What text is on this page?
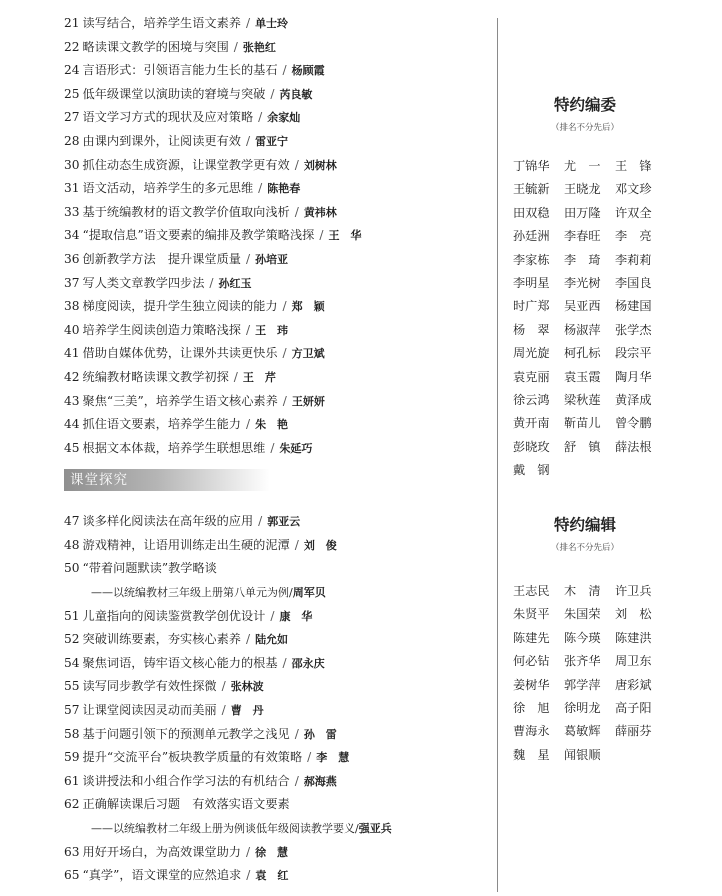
21 读写结合，培养学生语文素养 / 单士玲
22 略读课文教学的困境与突围 / 张艳红
24 言语形式：引领语言能力生长的基石 / 杨顾霞
25 低年级课堂以演助读的窘境与突破 / 芮良敏
27 语文学习方式的现状及应对策略 / 余家灿
28 由课内到课外，让阅读更有效 / 雷亚宁
30 抓住动态生成资源，让课堂教学更有效 / 刘树林
31 语文活动，培养学生的多元思维 / 陈艳春
33 基于统编教材的语文教学价值取向浅析 / 黄祎林
34 “提取信息”语文要素的编排及教学策略浅探 / 王　华
36 创新教学方法　提升课堂质量 / 孙培亚
37 写人类文章教学四步法 / 孙红玉
38 梯度阅读，提升学生独立阅读的能力 / 郑　颖
40 培养学生阅读创造力策略浅探 / 王　玮
41 借助自媒体优势，让课外共读更快乐 / 方卫斌
42 统编教材略读课文教学初探 / 王　芹
43 聚焦“三美”，培养学生语文核心素养 / 王妍妍
44 抓住语文要素，培养学生能力 / 朱　艳
45 根据文本体裁，培养学生联想思维 / 朱延巧
课堂探究
47 谈多样化阅读法在高年级的应用 / 郭亚云
48 游戏精神，让语用训练走出生硬的泥潭 / 刘　俊
50 “带着问题默读”教学略谈
——以统编教材三年级上册第八单元为例/周军贝
51 儿童指向的阅读鉴赏教学创优设计 / 康　华
52 突破训练要素，夯实核心素养 / 陆允如
54 聚焦词语，铸牢语文核心能力的根基 / 邵永庆
55 读写同步教学有效性探微 / 张林波
57 让课堂阅读因灵动而美丽 / 曹　丹
58 基于问题引领下的预测单元教学之浅见 / 孙　雷
59 提升“交流平台”板块教学质量的有效策略 / 李　慧
61 谈讲授法和小组合作学习法的有机结合 / 郝海燕
62 正确解读课后习题　有效落实语文要素
——以统编教材二年级上册为例谈低年级阅读教学要义/强亚兵
63 用好开场白，为高效课堂助力 / 徐　慧
65 “真学”，语文课堂的应然追求 / 袁　红
特约编委
（排名不分先后）
丁锦华 尤　一 王　锋
王毓新 王晓龙 邓文珍
田双稳 田万隆 许双全
孙廷洲 李春旺 李　亮
李家栋 李　琦 李莉莉
李明星 李光树 李国良
时广郑 吴亚西 杨建国
杨　翠 杨淑萍 张学杰
周光旋 柯孔标 段宗平
袁克丽 袁玉霞 陶月华
徐云鸿 梁秋莲 黄泽成
黄开南 靳苗儿 曾令鹏
彭晓玫 舒　镇 薛法根
戴　钢
特约编辑
（排名不分先后）
王志民 木　清 许卫兵
朱贤平 朱国荣 刘　松
陈建先 陈今瑛 陈建洪
何必钻 张齐华 周卫东
姜树华 郭学萍 唐彩斌
徐　旭 徐明龙 高子阳
曹海永 葛敏辉 薛丽芬
魏　星 闻银顺
